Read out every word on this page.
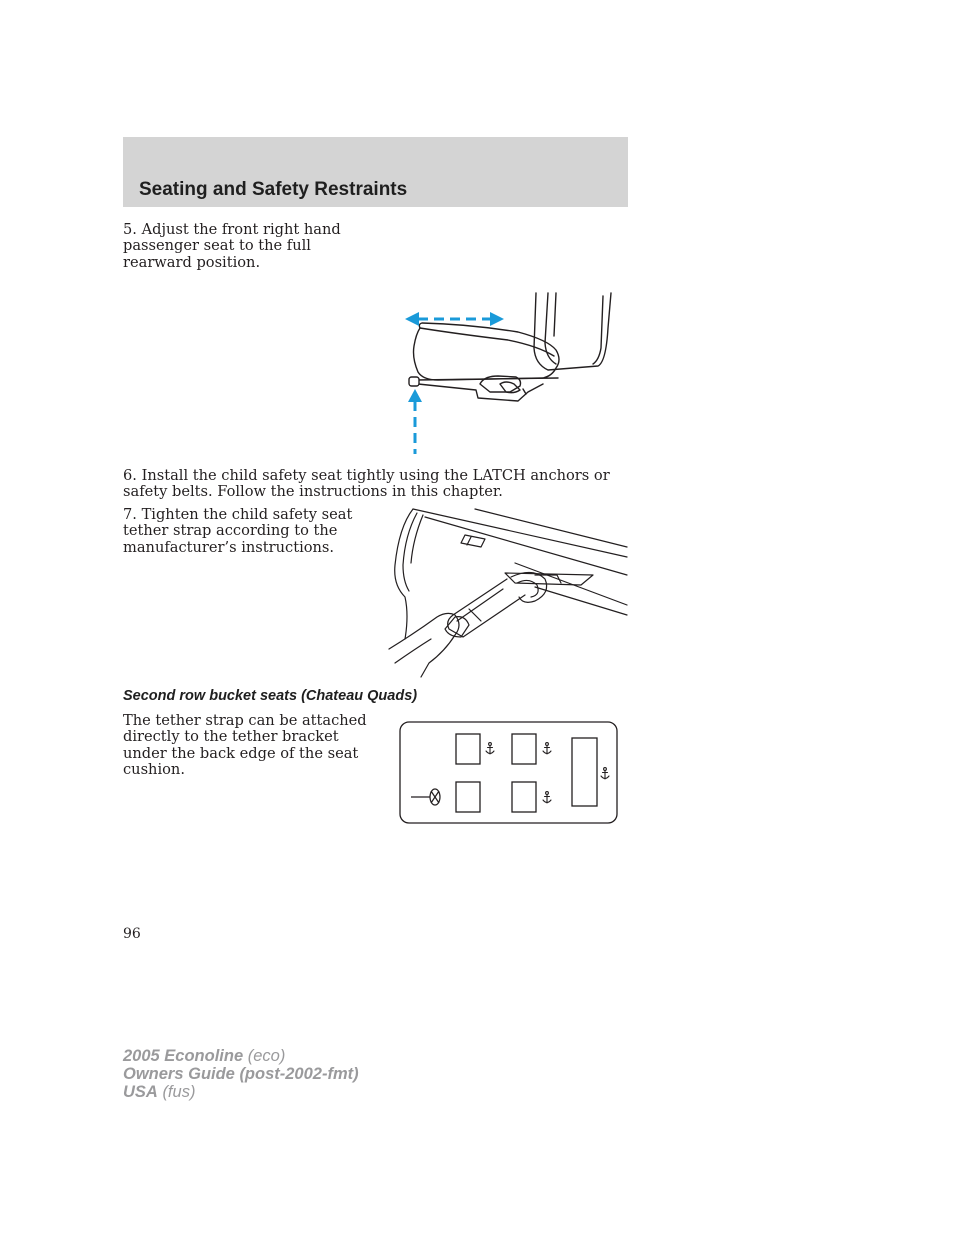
Seating and Safety Restraints

5. Adjust the front right hand passenger seat to the full rearward position.

6. Install the child safety seat tightly using the LATCH anchors or safety belts. Follow the instructions in this chapter.

7. Tighten the child safety seat tether strap according to the manufacturer’s instructions.

Second row bucket seats (Chateau Quads)

The tether strap can be attached directly to the tether bracket under the back edge of the seat cushion.

96
2005 Econoline (eco)
Owners Guide (post-2002-fmt)
USA (fus)
